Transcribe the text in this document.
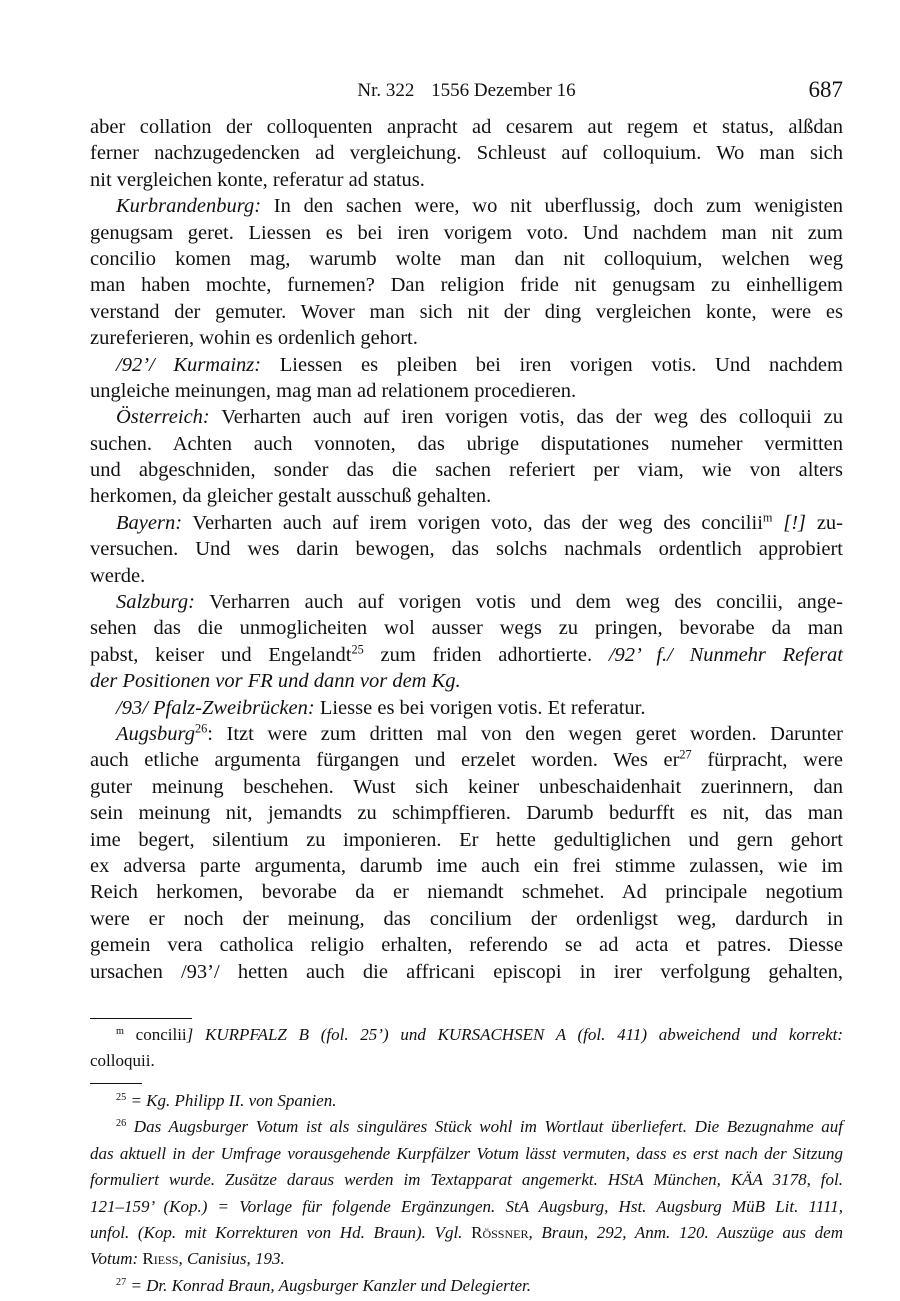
Nr. 322 1556 Dezember 16	687
aber collation der colloquenten anpracht ad cesarem aut regem et status, alßdan
ferner nachzugedencken ad vergleichung. Schleust auf colloquium. Wo man sich
nit vergleichen konte, referatur ad status.
Kurbrandenburg: In den sachen were, wo nit uberflussig, doch zum wenigisten
genugsam geret. Liessen es bei iren vorigem voto. Und nachdem man nit zum
concilio komen mag, warumb wolte man dan nit colloquium, welchen weg
man haben mochte, furnemen? Dan religion fride nit genugsam zu einhelligem
verstand der gemuter. Wover man sich nit der ding vergleichen konte, were es
zureferieren, wohin es ordenlich gehort.
/92’/ Kurmainz: Liessen es pleiben bei iren vorigen votis. Und nachdem
ungleiche meinungen, mag man ad relationem procedieren.
Österreich: Verharten auch auf iren vorigen votis, das der weg des colloquii zu
suchen. Achten auch vonnoten, das ubrige disputationes numeher vermitten
und abgeschniden, sonder das die sachen referiert per viam, wie von alters
herkomen, da gleicher gestalt ausschuß gehalten.
Bayern: Verharten auch auf irem vorigen voto, das der weg des concilii$^m$ [!] zu-
versuchen. Und wes darin bewogen, das solchs nachmals ordentlich approbiert
werde.
Salzburg: Verharren auch auf vorigen votis und dem weg des concilii, ange-
sehen das die unmoglicheiten wol ausser wegs zu pringen, bevorabe da man
pabst, keiser und Engelandt$^{25}$ zum friden adhortierte. /92’ f./ Nunmehr Referat
der Positionen vor FR und dann vor dem Kg.
/93/ Pfalz-Zweibrücken: Liesse es bei vorigen votis. Et referatur.
Augsburg$^{26}$: Itzt were zum dritten mal von den wegen geret worden. Darunter
auch etliche argumenta fürgangen und erzelet worden. Wes $er^{27}$ fürpracht, were
guter meinung beschehen. Wust sich keiner unbeschaidenhait zuerinnern, dan
sein meinung nit, jemandts zu schimpffieren. Darumb bedurfft es nit, das man
ime begert, silentium zu imponieren. Er hette gedultiglichen und gern gehort
ex adversa parte argumenta, darumb ime auch ein frei stimme zulassen, wie im
Reich herkomen, bevorabe da er niemandt schmehet. Ad principale negotium
were er noch der meinung, das concilium der ordenligst weg, dardurch in
gemein vera catholica religio erhalten, referendo se ad acta et patres. Diesse
ursachen /93’/ hetten auch die affricani episcopi in irer verfolgung gehalten,
$^m$ concilii] KURPFALZ B (fol. 25’) und KURSACHSEN A (fol. 411) abweichend und korrekt:
colloquii.
$^{25}$ = Kg. Philipp II. von Spanien.
$^{26}$ Das Augsburger Votum ist als singuläres Stück wohl im Wortlaut überliefert. Die Bezugnahme auf
das aktuell in der Umfrage vorausgehende Kurpfälzer Votum lässt vermuten, dass es erst nach der Sitzung
formuliert wurde. Zusätze daraus werden im Textapparat angemerkt. HStA München, KÄA 3178, fol.
121–159’ (Kop.) = Vorlage für folgende Ergänzungen. StA Augsburg, Hst. Augsburg MüB Lit. 1111,
unfol. (Kop. mit Korrekturen von Hd. Braun). Vgl. Rössner, Braun, 292, Anm. 120. Auszüge aus dem
Votum: Riess, Canisius, 193.
$^{27}$ = Dr. Konrad Braun, Augsburger Kanzler und Delegierter.
